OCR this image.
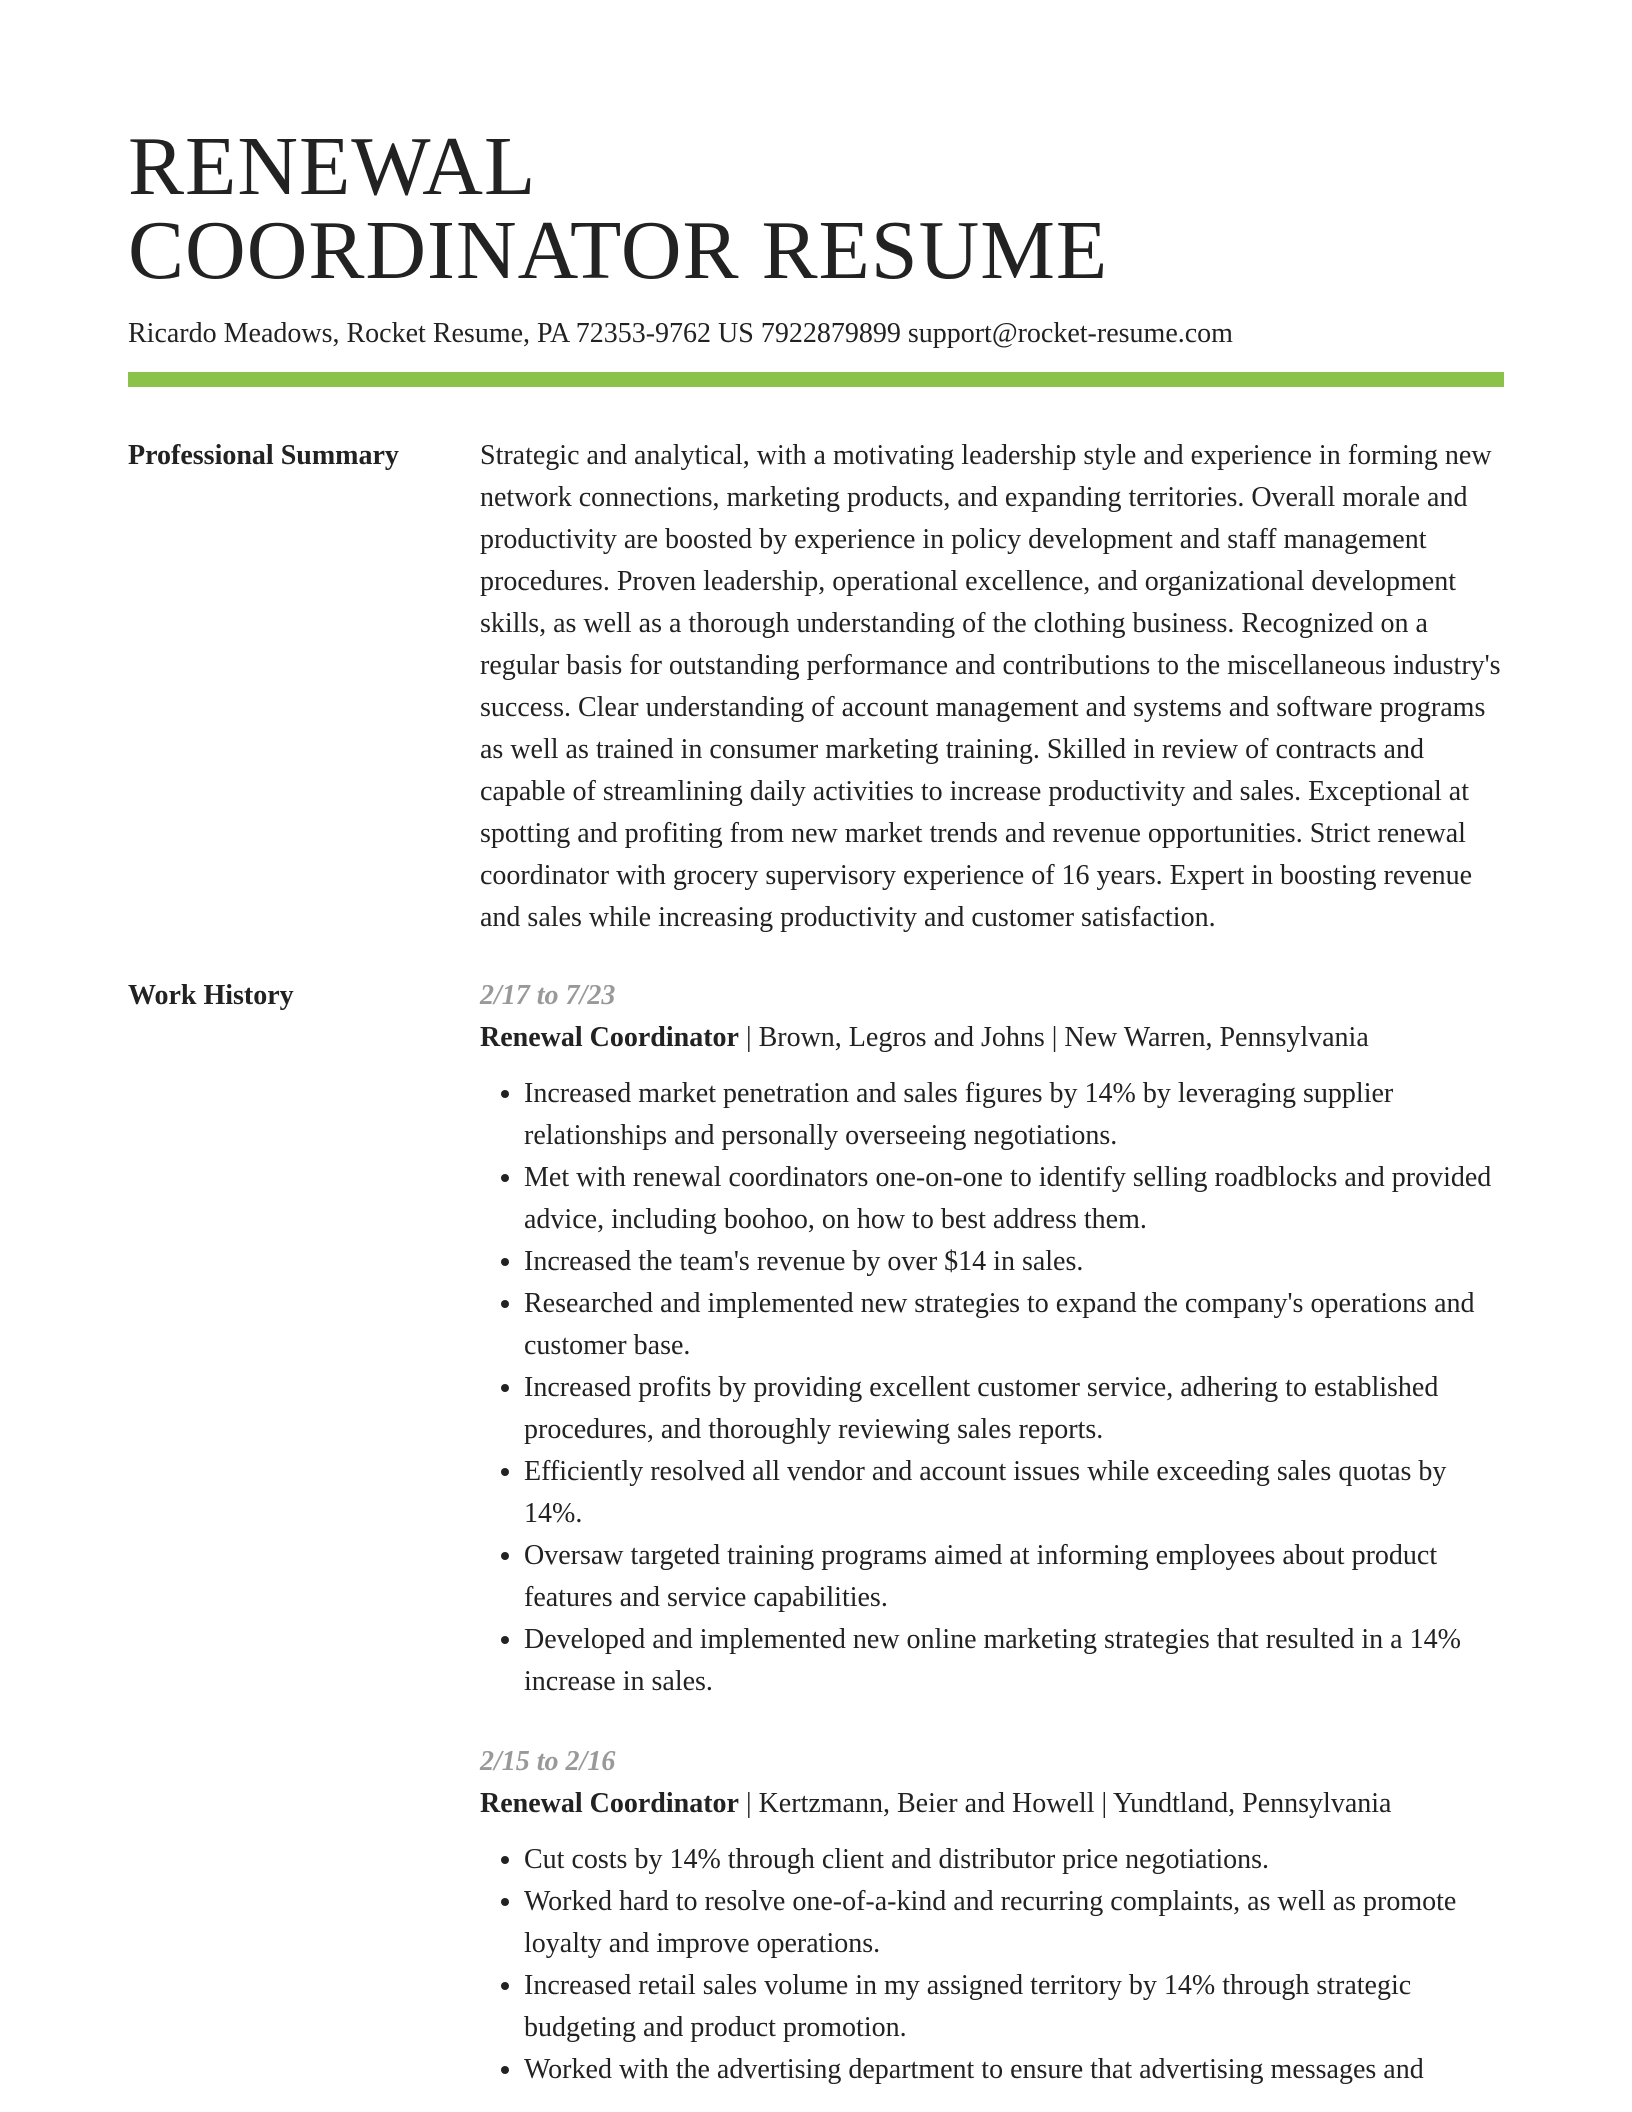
RENEWAL
COORDINATOR RESUME
Ricardo Meadows, Rocket Resume, PA 72353-9762 US 7922879899 support@rocket-resume.com
Professional Summary	Strategic and analytical, with a motivating leadership style and experience in forming new network connections, marketing products, and expanding territories. Overall morale and productivity are boosted by experience in policy development and staff management procedures. Proven leadership, operational excellence, and organizational development skills, as well as a thorough understanding of the clothing business. Recognized on a regular basis for outstanding performance and contributions to the miscellaneous industry's success. Clear understanding of account management and systems and software programs as well as trained in consumer marketing training. Skilled in review of contracts and capable of streamlining daily activities to increase productivity and sales. Exceptional at spotting and profiting from new market trends and revenue opportunities. Strict renewal coordinator with grocery supervisory experience of 16 years. Expert in boosting revenue and sales while increasing productivity and customer satisfaction.

Work History	2/17 to 7/23
Renewal Coordinator | Brown, Legros and Johns | New Warren, Pennsylvania
• Increased market penetration and sales figures by 14% by leveraging supplier relationships and personally overseeing negotiations.
• Met with renewal coordinators one-on-one to identify selling roadblocks and provided advice, including boohoo, on how to best address them.
• Increased the team's revenue by over $14 in sales.
• Researched and implemented new strategies to expand the company's operations and customer base.
• Increased profits by providing excellent customer service, adhering to established procedures, and thoroughly reviewing sales reports.
• Efficiently resolved all vendor and account issues while exceeding sales quotas by 14%.
• Oversaw targeted training programs aimed at informing employees about product features and service capabilities.
• Developed and implemented new online marketing strategies that resulted in a 14% increase in sales.
2/15 to 2/16
Renewal Coordinator | Kertzmann, Beier and Howell | Yundtland, Pennsylvania
• Cut costs by 14% through client and distributor price negotiations.
• Worked hard to resolve one-of-a-kind and recurring complaints, as well as promote loyalty and improve operations.
• Increased retail sales volume in my assigned territory by 14% through strategic budgeting and product promotion.
• Worked with the advertising department to ensure that advertising messages and
